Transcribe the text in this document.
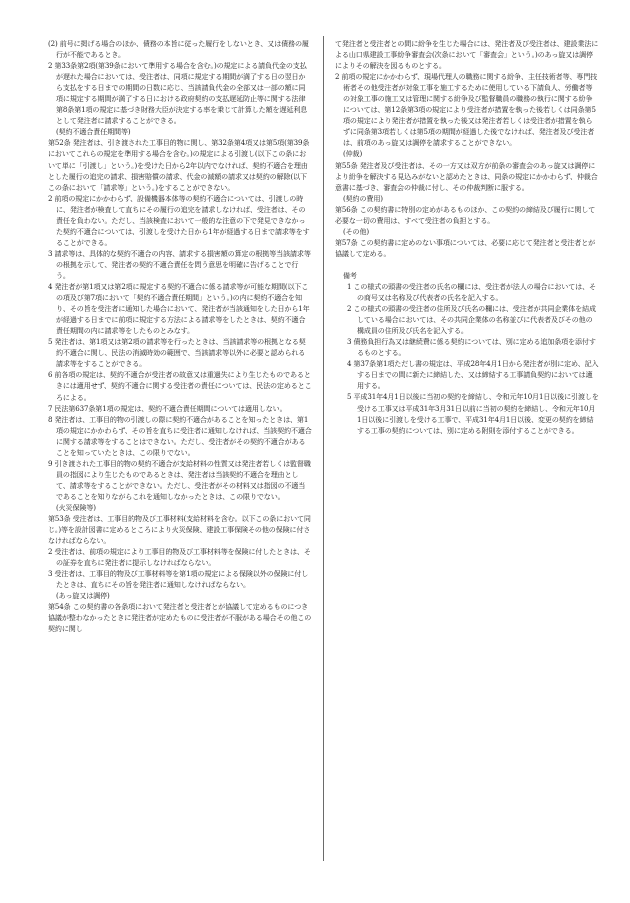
(2) 前号に掲げる場合のほか、債務の本旨に従った履行をしないとき、又は債務の履行が不能であるとき。

2 第33条第2項(第39条において準用する場合を含む。)の規定による請負代金の支払が遅れた場合においては、受注者は、同項に規定する期間が満了する日の翌日から支払をする日までの期間の日数に応じ、当該請負代金の全部又は一部の額に同項に規定する期間が満了する日における政府契約の支払遅延防止等に関する法律第8条第1項の規定に基づき財務大臣が決定する率を乗じて計算した額を遅延利息として発注者に請求することができる。

(契約不適合責任期間等)

第52条 発注者は、引き渡された工事目的物に関し、第32条第4項又は第5項(第39条においてこれらの規定を準用する場合を含む。)の規定による引渡し(以下この条において単に「引渡し」という。)を受けた日から2年以内でなければ、契約不適合を理由とした履行の追完の請求、損害賠償の請求、代金の減額の請求又は契約の解除(以下この条において「請求等」という。)をすることができない。

2 前項の規定にかかわらず、設備機器本体等の契約不適合については、引渡しの時に、発注者が検査して直ちにその履行の追完を請求しなければ、受注者は、その責任を負わない。ただし、当該検査において一般的な注意の下で発見できなかった契約不適合については、引渡しを受けた日から1年が経過する日まで請求等をすることができる。

3 請求等は、具体的な契約不適合の内容、請求する損害額の算定の根拠等当該請求等の根拠を示して、発注者の契約不適合責任を問う意思を明確に告げることで行う。

4 発注者が第1項又は第2項に規定する契約不適合に係る請求等が可能な期間(以下この項及び第7項において「契約不適合責任期間」という。)の内に契約不適合を知り、その旨を受注者に通知した場合において、発注者が当該通知をした日から1年が経過する日までに前項に規定する方法による請求等をしたときは、契約不適合責任期間の内に請求等をしたものとみなす。

5 発注者は、第1項又は第2項の請求等を行ったときは、当該請求等の根拠となる契約不適合に関し、民法の消滅時効の範囲で、当該請求等以外に必要と認められる請求等をすることができる。

6 前各項の規定は、契約不適合が受注者の故意又は重過失により生じたものであるときには適用せず、契約不適合に関する受注者の責任については、民法の定めるところによる。

7 民法第637条第1項の規定は、契約不適合責任期間については適用しない。

8 発注者は、工事目的物の引渡しの際に契約不適合があることを知ったときは、第1項の規定にかかわらず、その旨を直ちに受注者に通知しなければ、当該契約不適合に関する請求等をすることはできない。ただし、受注者がその契約不適合があることを知っていたときは、この限りでない。

9 引き渡された工事目的物の契約不適合が支給材料の性質又は発注者若しくは監督職員の指図により生じたものであるときは、発注者は当該契約不適合を理由として、請求等をすることができない。ただし、受注者がその材料又は指図の不適当であることを知りながらこれを通知しなかったときは、この限りでない。

(火災保険等)

第53条 受注者は、工事目的物及び工事材料(支給材料を含む。以下この条において同じ。)等を設計図書に定めるところにより火災保険、建設工事保険その他の保険に付さなければならない。

2 受注者は、前項の規定により工事目的物及び工事材料等を保険に付したときは、その証券を直ちに発注者に提示しなければならない。

3 受注者は、工事目的物及び工事材料等を第1項の規定による保険以外の保険に付したときは、直ちにその旨を発注者に通知しなければならない。

(あっ旋又は調停)

第54条 この契約書の各条項において発注者と受注者とが協議して定めるものにつき協議が整わなかったときに発注者が定めたものに受注者が不服がある場合その他この契約に関し

て発注者と受注者との間に紛争を生じた場合には、発注者及び受注者は、建設業法による山口県建設工事紛争審査会(次条において「審査会」という。)のあっ旋又は調停によりその解決を図るものとする。

2 前項の規定にかかわらず、現場代理人の職務に関する紛争、主任技術者等、専門技術者その他受注者が対象工事を施工するために使用している下請負人、労働者等の対象工事の施工又は管理に関する紛争及び監督職員の職務の執行に関する紛争については、第12条第3項の規定により受注者が措置を執った後若しくは同条第5項の規定により発注者が措置を執った後又は発注者若しくは受注者が措置を執らずに同条第3項若しくは第5項の期間が経過した後でなければ、発注者及び受注者は、前項のあっ旋又は調停を請求することができない。

(仲裁)

第55条 発注者及び受注者は、その一方又は双方が前条の審査会のあっ旋又は調停により紛争を解決する見込みがないと認めたときは、同条の規定にかかわらず、仲裁合意書に基づき、審査会の仲裁に付し、その仲裁判断に服する。

(契約の費用)

第56条 この契約書に特別の定めがあるものほか、この契約の締結及び履行に関して必要な一切の費用は、すべて受注者の負担とする。

(その他)

第57条 この契約書に定めのない事項については、必要に応じて発注者と受注者とが協議して定める。

備考

1 この様式の頭書の受注者の氏名の欄には、受注者が法人の場合においては、その商号又は名称及び代表者の氏名を記入する。

2 この様式の頭書の受注者の住所及び氏名の欄には、受注者が共同企業体を結成している場合においては、その共同企業体の名称並びに代表者及びその他の構成員の住所及び氏名を記入する。

3 債務負担行為又は継続費に係る契約については、別に定める追加条項を添付するものとする。

4 第37条第1項ただし書の規定は、平成28年4月1日から発注者が別に定め、記入する日までの間に新たに締結した、又は締結する工事請負契約においては適用する。

5 平成31年4月1日以後に当初の契約を締結し、令和元年10月1日以後に引渡しを受ける工事又は平成31年3月31日以前に当初の契約を締結し、令和元年10月1日以後に引渡しを受ける工事で、平成31年4月1日以後、変更の契約を締結する工事の契約については、別に定める附則を添付することができる。
